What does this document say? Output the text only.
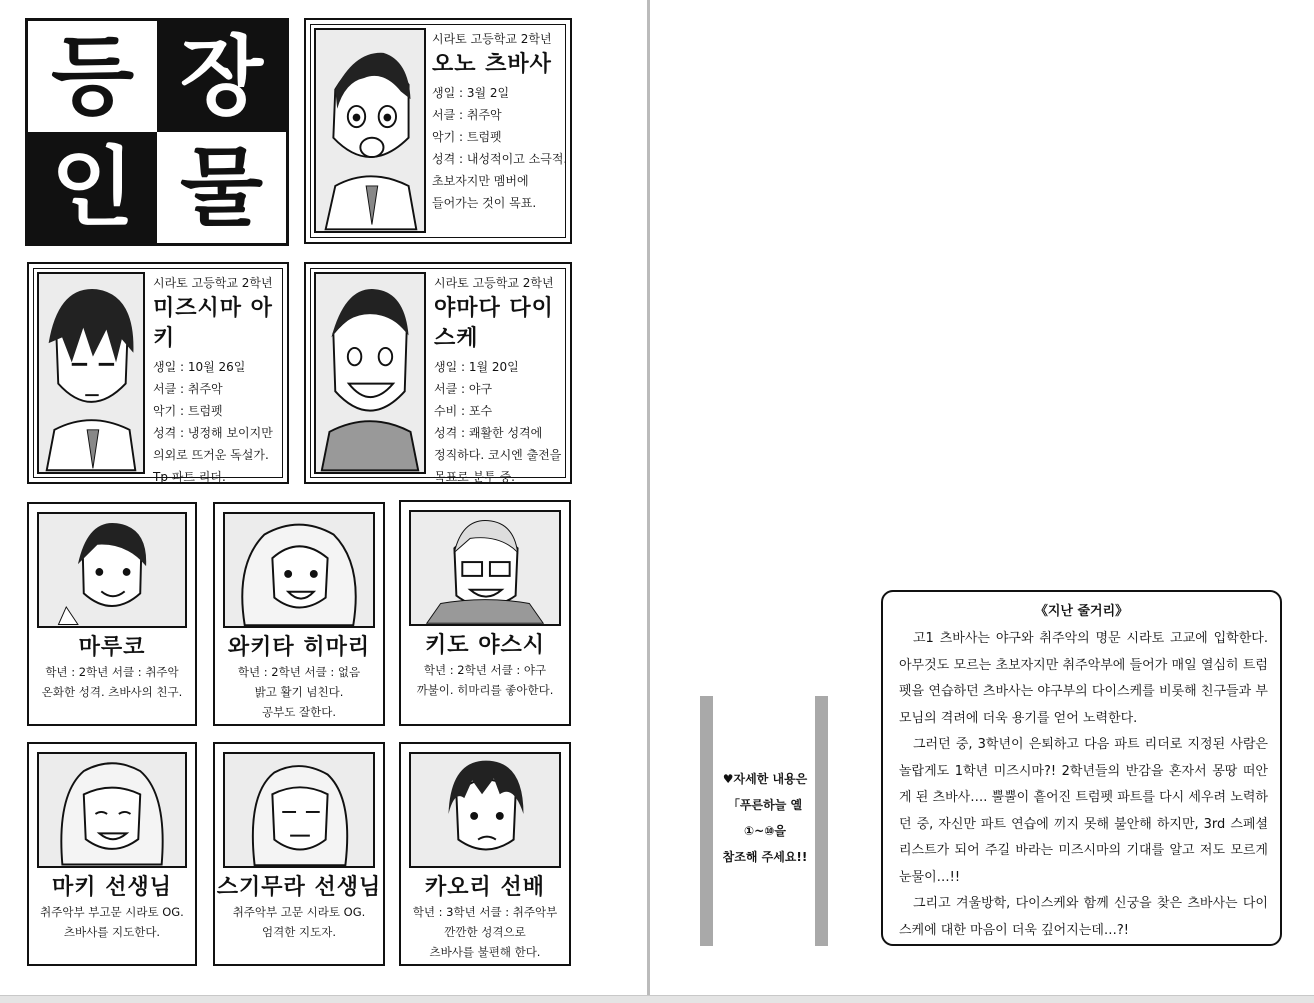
등 장
인 물
시라토 고등학교 2학년
오노 츠바사
생일 : 3월 2일
서클 : 취주악
악기 : 트럼펫
성격 : 내성적이고 소극적.
초보자지만 멤버에
들어가는 것이 목표.
시라토 고등학교 2학년
미즈시마 아키
생일 : 10월 26일
서클 : 취주악
악기 : 트럼펫
성격 : 냉정해 보이지만
의외로 뜨거운 독설가.
Tp 파트 리더.
시라토 고등학교 2학년
야마다 다이스케
생일 : 1월 20일
서클 : 야구
수비 : 포수
성격 : 쾌활한 성격에
정직하다. 코시엔 출전을
목표로 분투 중.
마루코
학년 : 2학년 서클 : 취주악
온화한 성격. 츠바사의 친구.
와키타 히마리
학년 : 2학년 서클 : 없음
밝고 활기 넘친다.
공부도 잘한다.
키도 야스시
학년 : 2학년 서클 : 야구
까불이. 히마리를 좋아한다.
마키 선생님
취주악부 부고문 시라토 OG.
츠바사를 지도한다.
스기무라 선생님
취주악부 고문 시라토 OG.
엄격한 지도자.
카오리 선배
학년 : 3학년 서클 : 취주악부
깐깐한 성격으로
츠바사를 불편해 한다.
♥자세한 내용은
「푸른하늘 옐
①~⑩을
참조해 주세요!!
《지난 줄거리》

고1 츠바사는 야구와 취주악의 명문 시라토 고교에 입학한다. 아무것도 모르는 초보자지만 취주악부에 들어가 매일 열심히 트럼펫을 연습하던 츠바사는 야구부의 다이스케를 비롯해 친구들과 부모님의 격려에 더욱 용기를 얻어 노력한다.

그러던 중, 3학년이 은퇴하고 다음 파트 리더로 지정된 사람은 놀랍게도 1학년 미즈시마?! 2학년들의 반감을 혼자서 몽땅 떠안게 된 츠바사…. 뿔뿔이 흩어진 트럼펫 파트를 다시 세우려 노력하던 중, 자신만 파트 연습에 끼지 못해 불안해 하지만, 3rd 스페셜리스트가 되어 주길 바라는 미즈시마의 기대를 알고 저도 모르게 눈물이…!!

그리고 겨울방학, 다이스케와 함께 신궁을 찾은 츠바사는 다이스케에 대한 마음이 더욱 깊어지는데…?!
